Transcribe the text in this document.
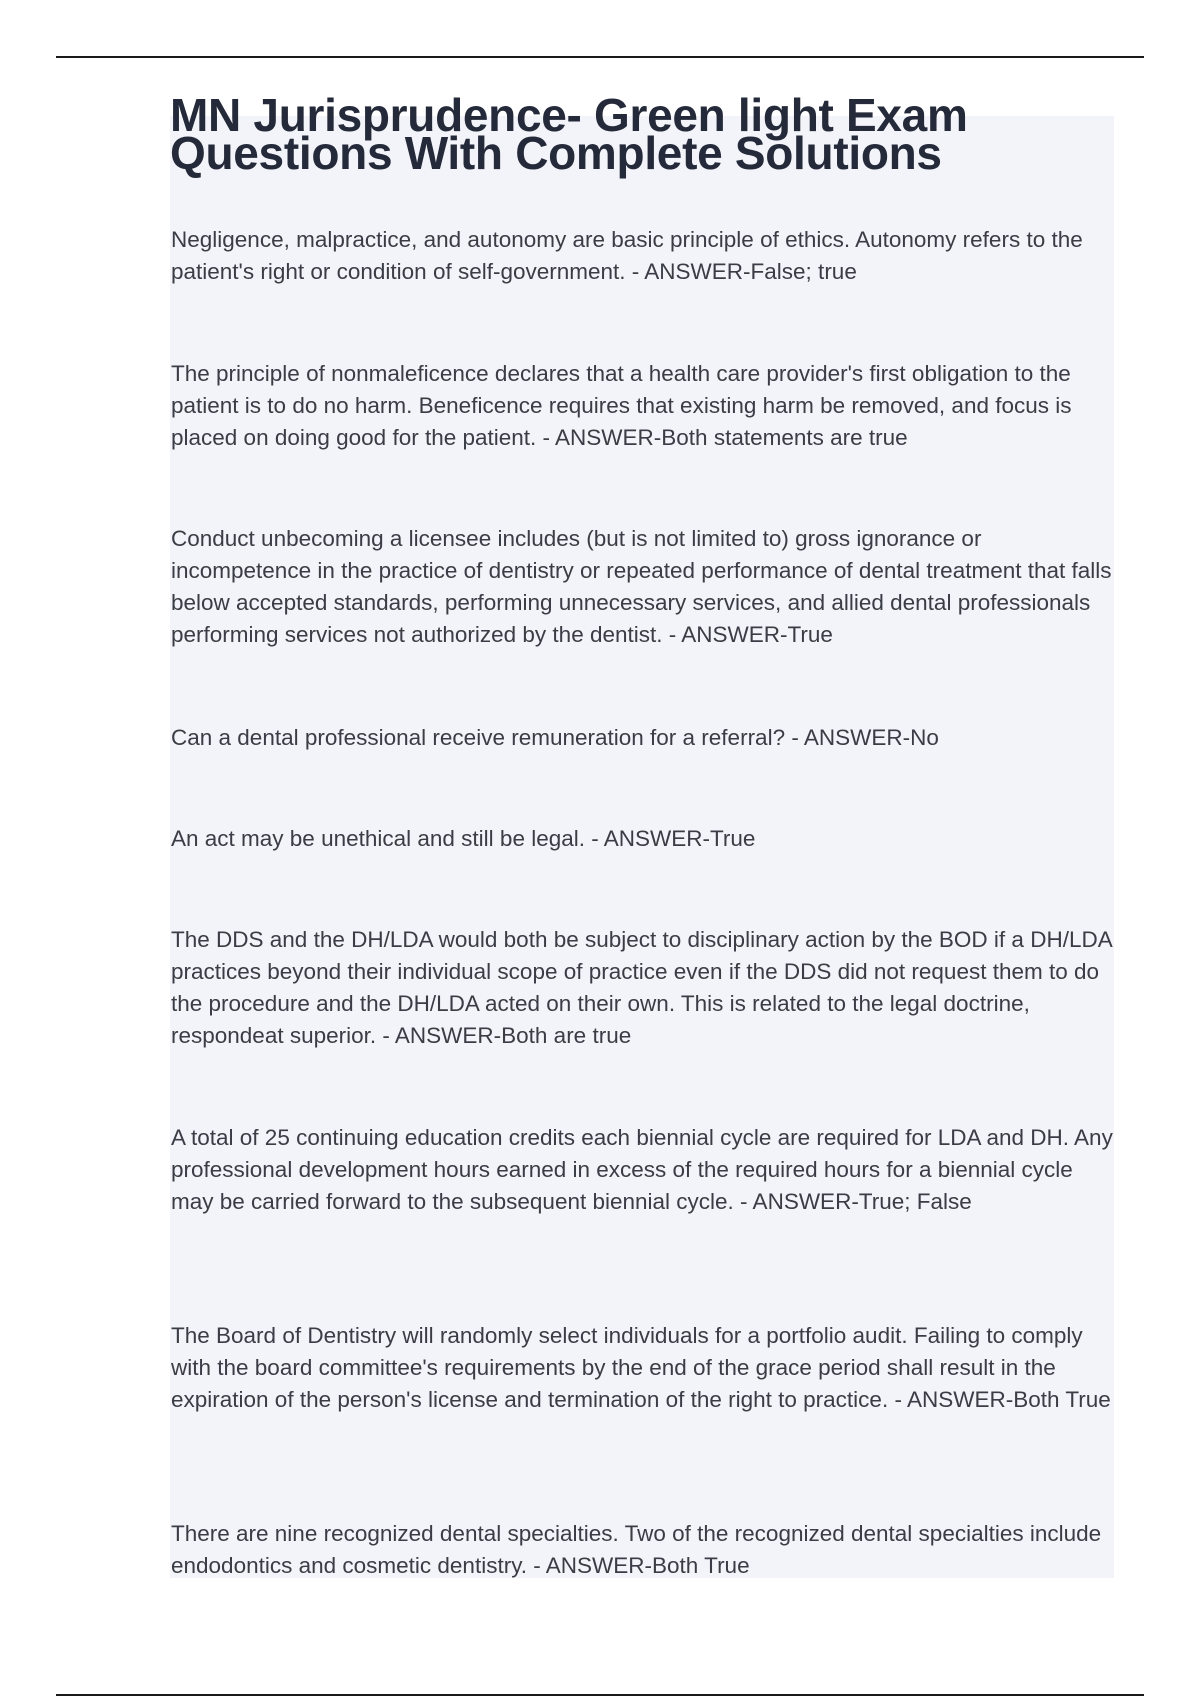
MN Jurisprudence- Green light Exam Questions With Complete Solutions

Negligence, malpractice, and autonomy are basic principle of ethics. Autonomy refers to the patient's right or condition of self-government. - ANSWER-False; true

The principle of nonmaleficence declares that a health care provider's first obligation to the patient is to do no harm. Beneficence requires that existing harm be removed, and focus is placed on doing good for the patient. - ANSWER-Both statements are true

Conduct unbecoming a licensee includes (but is not limited to) gross ignorance or incompetence in the practice of dentistry or repeated performance of dental treatment that falls below accepted standards, performing unnecessary services, and allied dental professionals performing services not authorized by the dentist. - ANSWER-True

Can a dental professional receive remuneration for a referral? - ANSWER-No

An act may be unethical and still be legal. - ANSWER-True

The DDS and the DH/LDA would both be subject to disciplinary action by the BOD if a DH/LDA practices beyond their individual scope of practice even if the DDS did not request them to do the procedure and the DH/LDA acted on their own. This is related to the legal doctrine, respondeat superior. - ANSWER-Both are true

A total of 25 continuing education credits each biennial cycle are required for LDA and DH. Any professional development hours earned in excess of the required hours for a biennial cycle may be carried forward to the subsequent biennial cycle. - ANSWER-True; False

The Board of Dentistry will randomly select individuals for a portfolio audit. Failing to comply with the board committee's requirements by the end of the grace period shall result in the expiration of the person's license and termination of the right to practice. - ANSWER-Both True

There are nine recognized dental specialties. Two of the recognized dental specialties include endodontics and cosmetic dentistry. - ANSWER-Both True
